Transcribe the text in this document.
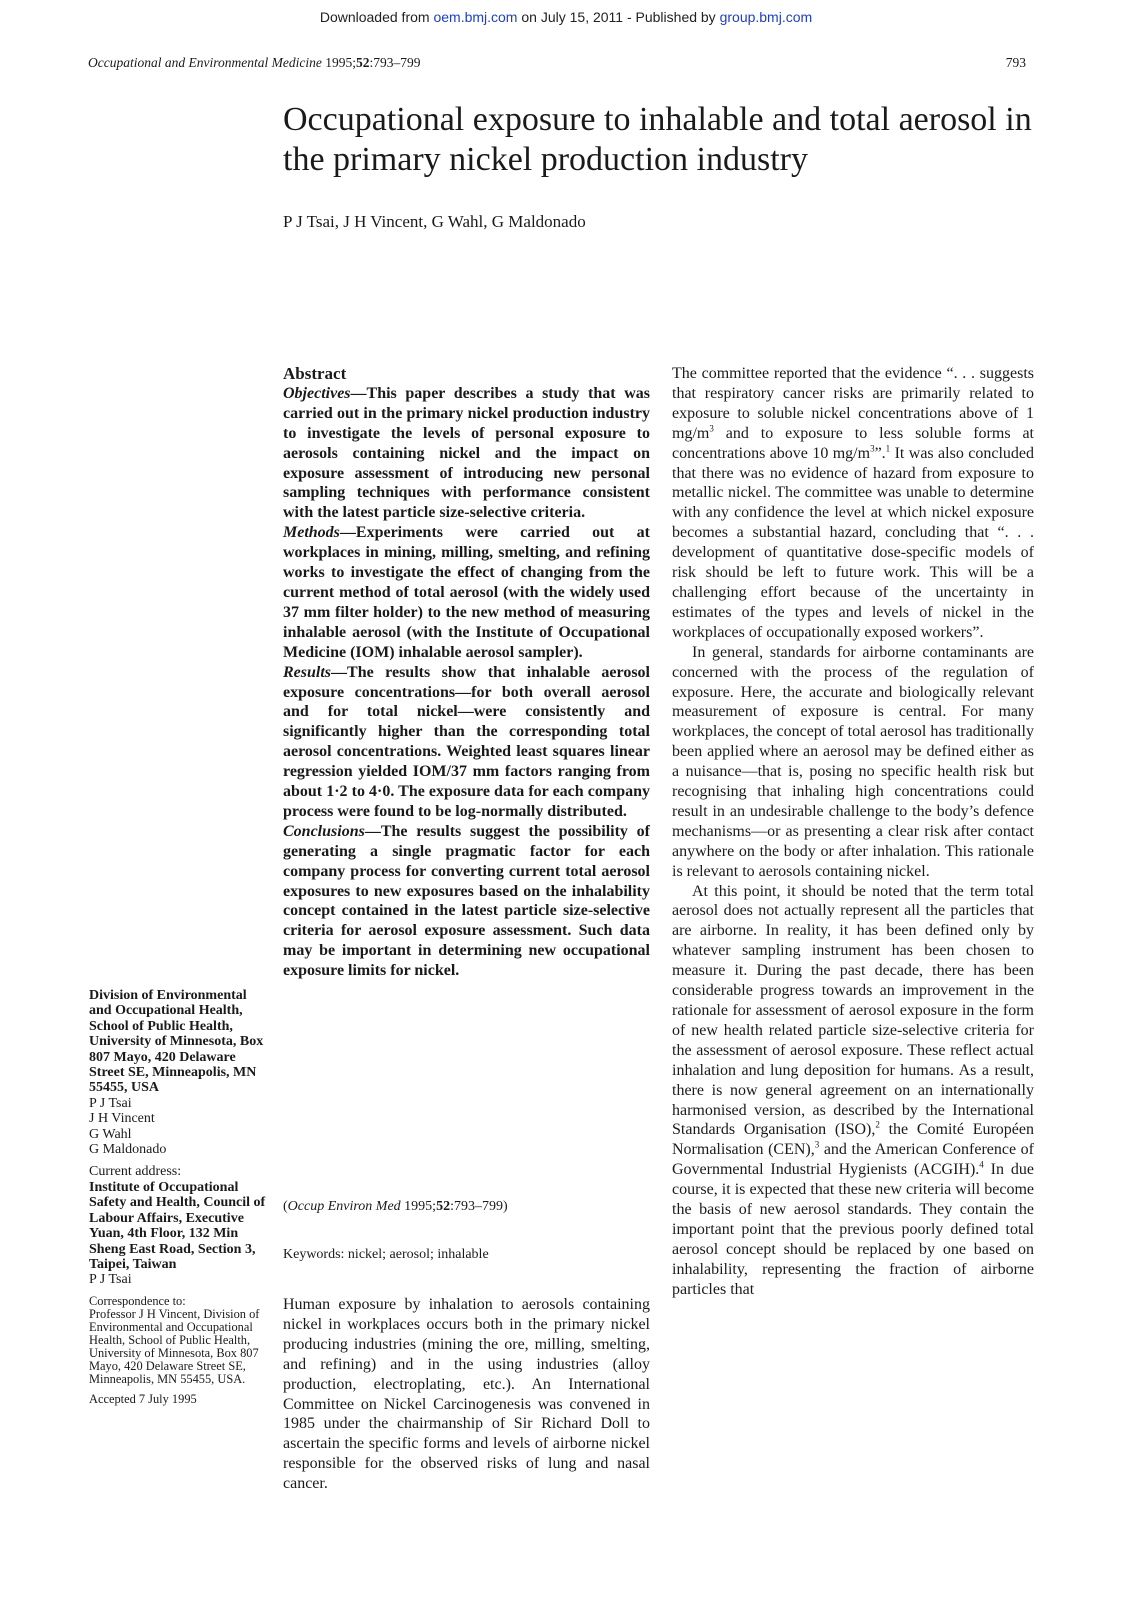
Downloaded from oem.bmj.com on July 15, 2011 - Published by group.bmj.com
Occupational and Environmental Medicine 1995;52:793–799	793
Occupational exposure to inhalable and total aerosol in the primary nickel production industry
P J Tsai, J H Vincent, G Wahl, G Maldonado
Abstract

Objectives—This paper describes a study that was carried out in the primary nickel production industry to investigate the levels of personal exposure to aerosols containing nickel and the impact on exposure assessment of introducing new personal sampling techniques with performance consistent with the latest particle size-selective criteria.

Methods—Experiments were carried out at workplaces in mining, milling, smelting, and refining works to investigate the effect of changing from the current method of total aerosol (with the widely used 37 mm filter holder) to the new method of measuring inhalable aerosol (with the Institute of Occupational Medicine (IOM) inhalable aerosol sampler).

Results—The results show that inhalable aerosol exposure concentrations—for both overall aerosol and for total nickel—were consistently and significantly higher than the corresponding total aerosol concentrations. Weighted least squares linear regression yielded IOM/37 mm factors ranging from about 1·2 to 4·0. The exposure data for each company process were found to be log-normally distributed.

Conclusions—The results suggest the possibility of generating a single pragmatic factor for each company process for converting current total aerosol exposures to new exposures based on the inhalability concept contained in the latest particle size-selective criteria for aerosol exposure assessment. Such data may be important in determining new occupational exposure limits for nickel.

(Occup Environ Med 1995;52:793–799)
Keywords: nickel; aerosol; inhalable

Human exposure by inhalation to aerosols containing nickel in workplaces occurs both in the primary nickel producing industries (mining the ore, milling, smelting, and refining) and in the using industries (alloy production, electroplating, etc.). An International Committee on Nickel Carcinogenesis was convened in 1985 under the chairmanship of Sir Richard Doll to ascertain the specific forms and levels of airborne nickel responsible for the observed risks of lung and nasal cancer.

The committee reported that the evidence “. . . suggests that respiratory cancer risks are primarily related to exposure to soluble nickel concentrations above of 1 $mg/m^3$ and to exposure to less soluble forms at concentrations above 10 $mg/m^3”.^1$ It was also concluded that there was no evidence of hazard from exposure to metallic nickel. The committee was unable to determine with any confidence the level at which nickel exposure becomes a substantial hazard, concluding that “. . . development of quantitative dose-specific models of risk should be left to future work. This will be a challenging effort because of the uncertainty in estimates of the types and levels of nickel in the workplaces of occupationally exposed workers”.

In general, standards for airborne contaminants are concerned with the process of the regulation of exposure. Here, the accurate and biologically relevant measurement of exposure is central. For many workplaces, the concept of total aerosol has traditionally been applied where an aerosol may be defined either as a nuisance—that is, posing no specific health risk but recognising that inhaling high concentrations could result in an undesirable challenge to the body’s defence mechanisms—or as presenting a clear risk after contact anywhere on the body or after inhalation. This rationale is relevant to aerosols containing nickel.

At this point, it should be noted that the term total aerosol does not actually represent all the particles that are airborne. In reality, it has been defined only by whatever sampling instrument has been chosen to measure it. During the past decade, there has been considerable progress towards an improvement in the rationale for assessment of aerosol exposure in the form of new health related particle size-selective criteria for the assessment of aerosol exposure. These reflect actual inhalation and lung deposition for humans. As a result, there is now general agreement on an internationally harmonised version, as described by the International Standards Organisation (ISO),$^2$ the Comité Européen Normalisation (CEN),$^3$ and the American Conference of Governmental Industrial Hygienists (ACGIH).$^4$ In due course, it is expected that these new criteria will become the basis of new aerosol standards. They contain the important point that the previous poorly defined total aerosol concept should be replaced by one based on inhalability, representing the fraction of airborne particles that

Division of Environmental and Occupational Health, School of Public Health, University of Minnesota, Box 807 Mayo, 420 Delaware Street SE, Minneapolis, MN 55455, USA
P J Tsai
J H Vincent
G Wahl
G Maldonado
Current address:
Institute of Occupational Safety and Health, Council of Labour Affairs, Executive Yuan, 4th Floor, 132 Min Sheng East Road, Section 3, Taipei, Taiwan
P J Tsai
Correspondence to:
Professor J H Vincent, Division of Environmental and Occupational Health, School of Public Health, University of Minnesota, Box 807 Mayo, 420 Delaware Street SE, Minneapolis, MN 55455, USA.
Accepted 7 July 1995
